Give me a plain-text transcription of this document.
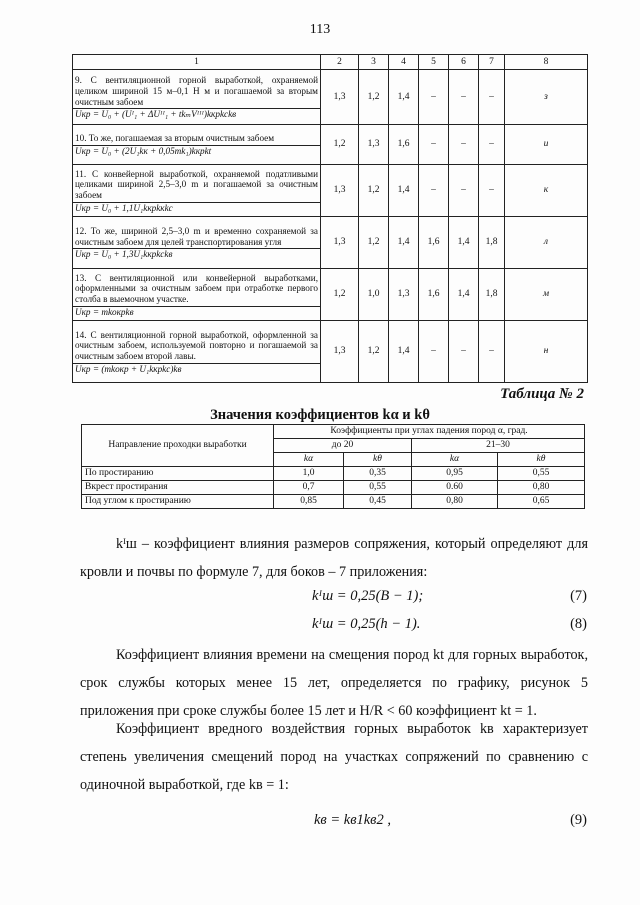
113
1	2	3	4	5	6	7	8
9. С вентиляционной горной выработкой, охраняемой целиком шириной 15 м–0,1 H м и погашаемой за вторым очистным забоем
Uкр = U₀ + (Uᴵ₁ + ΔUᴵᴵ₁ + tkₘVᴵᴵᴵ)kкрkсkв	1,3	1,2	1,4	–	–	–	з
10. То же, погашаемая за вторым очистным забоем
Uкр = U₀ + (2U₁kк + 0,05mk₁)kкрkt	1,2	1,3	1,6	–	–	–	и
11. С конвейерной выработкой, охраняемой податливыми целиками шириной 2,5–3,0 m и погашаемой за очистным забоем
Uкр = U₀ + 1,1U₁kкрkкkс	1,3	1,2	1,4	–	–	–	к
12. То же, шириной 2,5–3,0 m и временно сохраняемой за очистным забоем для целей транспортирования угля
Uкр = U₀ + 1,3U₁kкрkсkв	1,3	1,2	1,4	1,6	1,4	1,8	л
13. С вентиляционной или конвейерной выработками, оформленными за очистным забоем при отработке первого столба в выемочном участке.
Uкр = mkокрkв	1,2	1,0	1,3	1,6	1,4	1,8	м
14. С вентиляционной горной выработкой, оформленной за очистным забоем, используемой повторно и погашаемой за очистным забоем второй лавы.
Uкр = (mkокр + U₁kкрkс)kв	1,3	1,2	1,4	–	–	–	н
Таблица № 2
Значения коэффициентов kα и kθ
Направление проходки выработки	Коэффициенты при углах падения пород α, град.			
	до 20		21–30	
	kα	kθ	kα	kθ
По простиранию	1,0	0,35	0,95	0,55
Вкрест простирания	0,7	0,55	0.60	0,80
Под углом к простиранию	0,85	0,45	0,80	0,65
kᴵш – коэффициент влияния размеров сопряжения, который определяют для кровли и почвы по формуле 7, для боков – 7 приложения:
kᴵш = 0,25(B − 1);	(7)
kᴵш = 0,25(h − 1).	(8)
Коэффициент влияния времени на смещения пород kt для горных выработок, срок службы которых менее 15 лет, определяется по графику, рисунок 5 приложения при сроке службы более 15 лет и H/R < 60 коэффициент kt = 1.
Коэффициент вредного воздействия горных выработок kв характеризует степень увеличения смещений пород на участках сопряжений по сравнению с одиночной выработкой, где kв = 1:
kв = kв1kв2 ,	(9)
